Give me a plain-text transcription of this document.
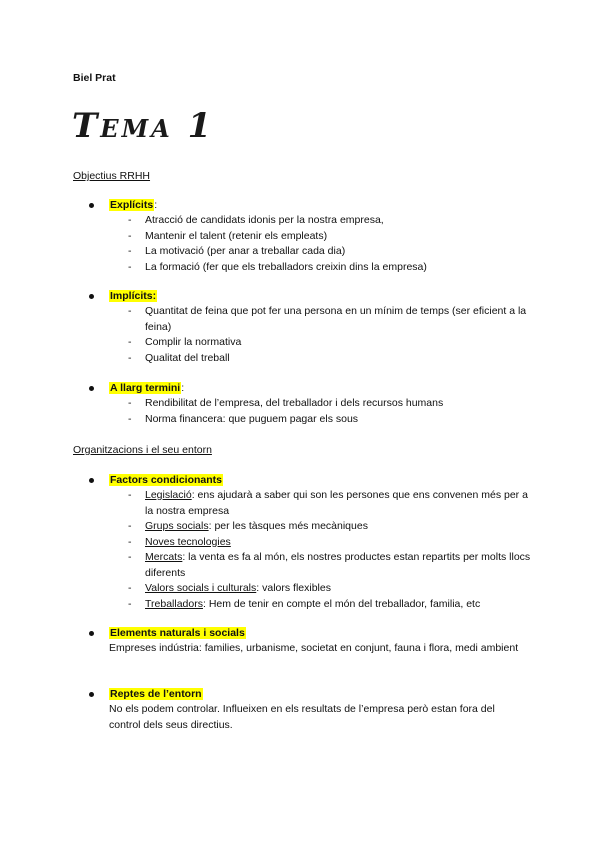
Biel Prat
Tema 1
Objectius RRHH
Explícits:
- Atracció de candidats idonis per la nostra empresa,
- Mantenir el talent (retenir els empleats)
- La motivació (per anar a treballar cada dia)
- La formació (fer que els treballadors creixin dins la empresa)
Implícits:
- Quantitat de feina que pot fer una persona en un mínim de temps (ser eficient a la feina)
- Complir la normativa
- Qualitat del treball
A llarg termini:
- Rendibilitat de l’empresa, del treballador i dels recursos humans
- Norma financera: que puguem pagar els sous
Organitzacions i el seu entorn
Factors condicionants
- Legislació: ens ajudarà a saber qui son les persones que ens convenen més per a la nostra empresa
- Grups socials: per les tàsques més mecàniques
- Noves tecnologies
- Mercats: la venta es fa al món, els nostres productes estan repartits per molts llocs diferents
- Valors socials i culturals: valors flexibles
- Treballadors: Hem de tenir en compte el món del treballador, familia, etc
Elements naturals i socials
Empreses indústria: families, urbanisme, societat en conjunt, fauna i flora, medi ambient
Reptes de l’entorn
No els podem controlar. Influeixen en els resultats de l’empresa però estan fora del control dels seus directius.
